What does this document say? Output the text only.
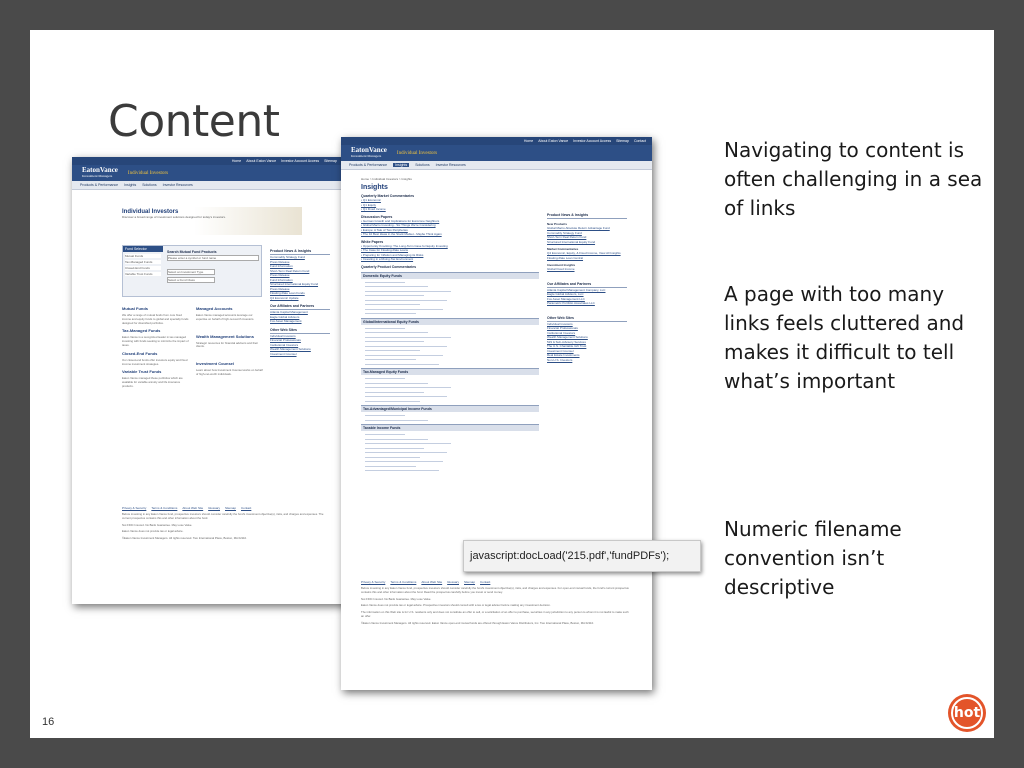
Content
Home About Eaton Vance Investor Account Access Sitemap
EatonVance
Investment Managers
Individual Investors
Products & Performance Insights Solutions Investor Resources
Individual Investors
Discover a broad range of investment solutions designed for today’s investors.
Fund Selector
Mutual Funds
Tax-Managed Funds
Closed-End Funds
Variable Trust Funds
Search Mutual Fund Products
Please enter a symbol or fund name
Select an Investment Type
Select a Fund Class
Mutual Funds
We offer a range of mutual funds from core fixed income and equity funds to global and specialty funds designed for diversified portfolios.
Tax-Managed Funds
Eaton Vance is a recognized leader in tax-managed investing with funds seeking to minimize the impact of taxes.
Closed-End Funds
Our closed-end funds offer investors equity and fixed income investment strategies.
Variable Trust Funds
Eaton Vance managed these portfolios which are available for variable annuity and life insurance products.
Managed Accounts
Eaton Vance managed accounts leverage our expertise on behalf of high-net-worth investors.
Wealth Management Solutions
Strategic resources for financial advisors and their clients.
Investment Counsel
Learn about how Investment Counsel works on behalf of high-net-worth individuals.
Product News & Insights
Commodity Strategy Fund
Press Release
Fund Information
Short-Term Real Return Fund
Press Release
Fund Information
Structured International Equity Fund
Press Release
Floating-Rate Loan Funds
Q4 Economic Update
Our Affiliates and Partners
Atlanta Capital Management
Eagle Global Advisors
Fox Asset Management
Other Web Sites
Individual Investors
Financial Professionals
Institutional Investors
Wealth Management Solutions
Investment Counsel
Privacy & Security Terms & Conditions About Web Site Glossary Sitemap Contact
Before investing in any Eaton Vance fund, prospective investors should consider carefully the fund's investment objective(s), risks, and charges and expenses. The current prospectus contains this and other information about the fund.
Not FDIC Insured. No Bank Guarantee. May Lose Value.
Eaton Vance does not provide tax or legal advice.
©Eaton Vance Investment Managers. All rights reserved. Two International Place, Boston, MA 02110.
Home About Eaton Vance Investor Account Access Sitemap Contact
EatonVance
Investment Managers
Individual Investors
Products & Performance	Insights	Solutions Investor Resources
Home > Individual Investors > Insights
Insights
Quarterly Market Commentaries
• Q1 Economic
• Q1 Equity
• Q1 Fixed Income
Discussion Papers
• German Growth and Implications for Eurozone Neighbors
• Global Macro Investing - Six Things We're Considering
• Europe: A Tale of Two Peripheries
• The 10 Best Ideas in the Stock Market...Maybe Think Again
White Papers
• Opportunity Knocking: The Long-Term Case for Equity Investing
• The Case for Floating-Rate Loans
• Preparing for Inflation and Managing its Risks
• Investing in a Rising-Tax Environment
Quarterly Product Commentaries
Domestic Equity Funds
Global/International Equity Funds
Tax-Managed Equity Funds
Tax-Advantaged/Municipal Income Funds
Taxable Income Funds
Product News & Insights
New Products
Global Macro Absolute Return Advantage Fund
Commodity Strategy Fund
Short-Term Real Return Fund
Structured International Equity Fund
Market Commentaries
Q4 Economic, Equity, & Fixed Income, View All Insights
Floating-Rate Loan Central
Investment Insights
Global Fixed Income
Our Affiliates and Partners
Atlanta Capital Management Company, LLC
Eagle Global Advisors, LLC
Fox Asset Management LLC
Parametric Portfolio Associates LLC
Other Web Sites
Individual Investors
Financial Professionals
Institutional Investors
Wealth Management Solutions
529 & Sub-Advisory Services
The U.S. Charitable Gift Trust
Investment Counsel
Real Estate Investments
Non-U.S. Investors
Privacy & Security Terms & Conditions About Web Site Glossary Sitemap Contact
Before investing in any Eaton Vance fund, prospective investors should consider carefully the fund's investment objective(s), risks, and charges and expenses. For open-end mutual funds, the fund's current prospectus contains this and other information about the fund. Read the prospectus carefully before you invest or send money.
Not FDIC Insured. No Bank Guarantee. May Lose Value.
Eaton Vance does not provide tax or legal advice. Prospective investors should consult with a tax or legal advisor before making any investment decision.
The information on this Web site is for U.S. residents only and does not constitute an offer to sell, or a solicitation of an offer to purchase, securities in any jurisdiction to any person to whom it is not lawful to make such an offer.
©Eaton Vance Investment Managers. All rights reserved. Eaton Vance open-end mutual funds are offered through Eaton Vance Distributors, Inc. Two International Place, Boston, MA 02110.
javascript:docLoad('215.pdf','fundPDFs');

Navigating to content is often challenging in a sea of links

A page with too many links feels cluttered and makes it difficult to tell what’s important

Numeric filename convention isn’t descriptive

16
hot
